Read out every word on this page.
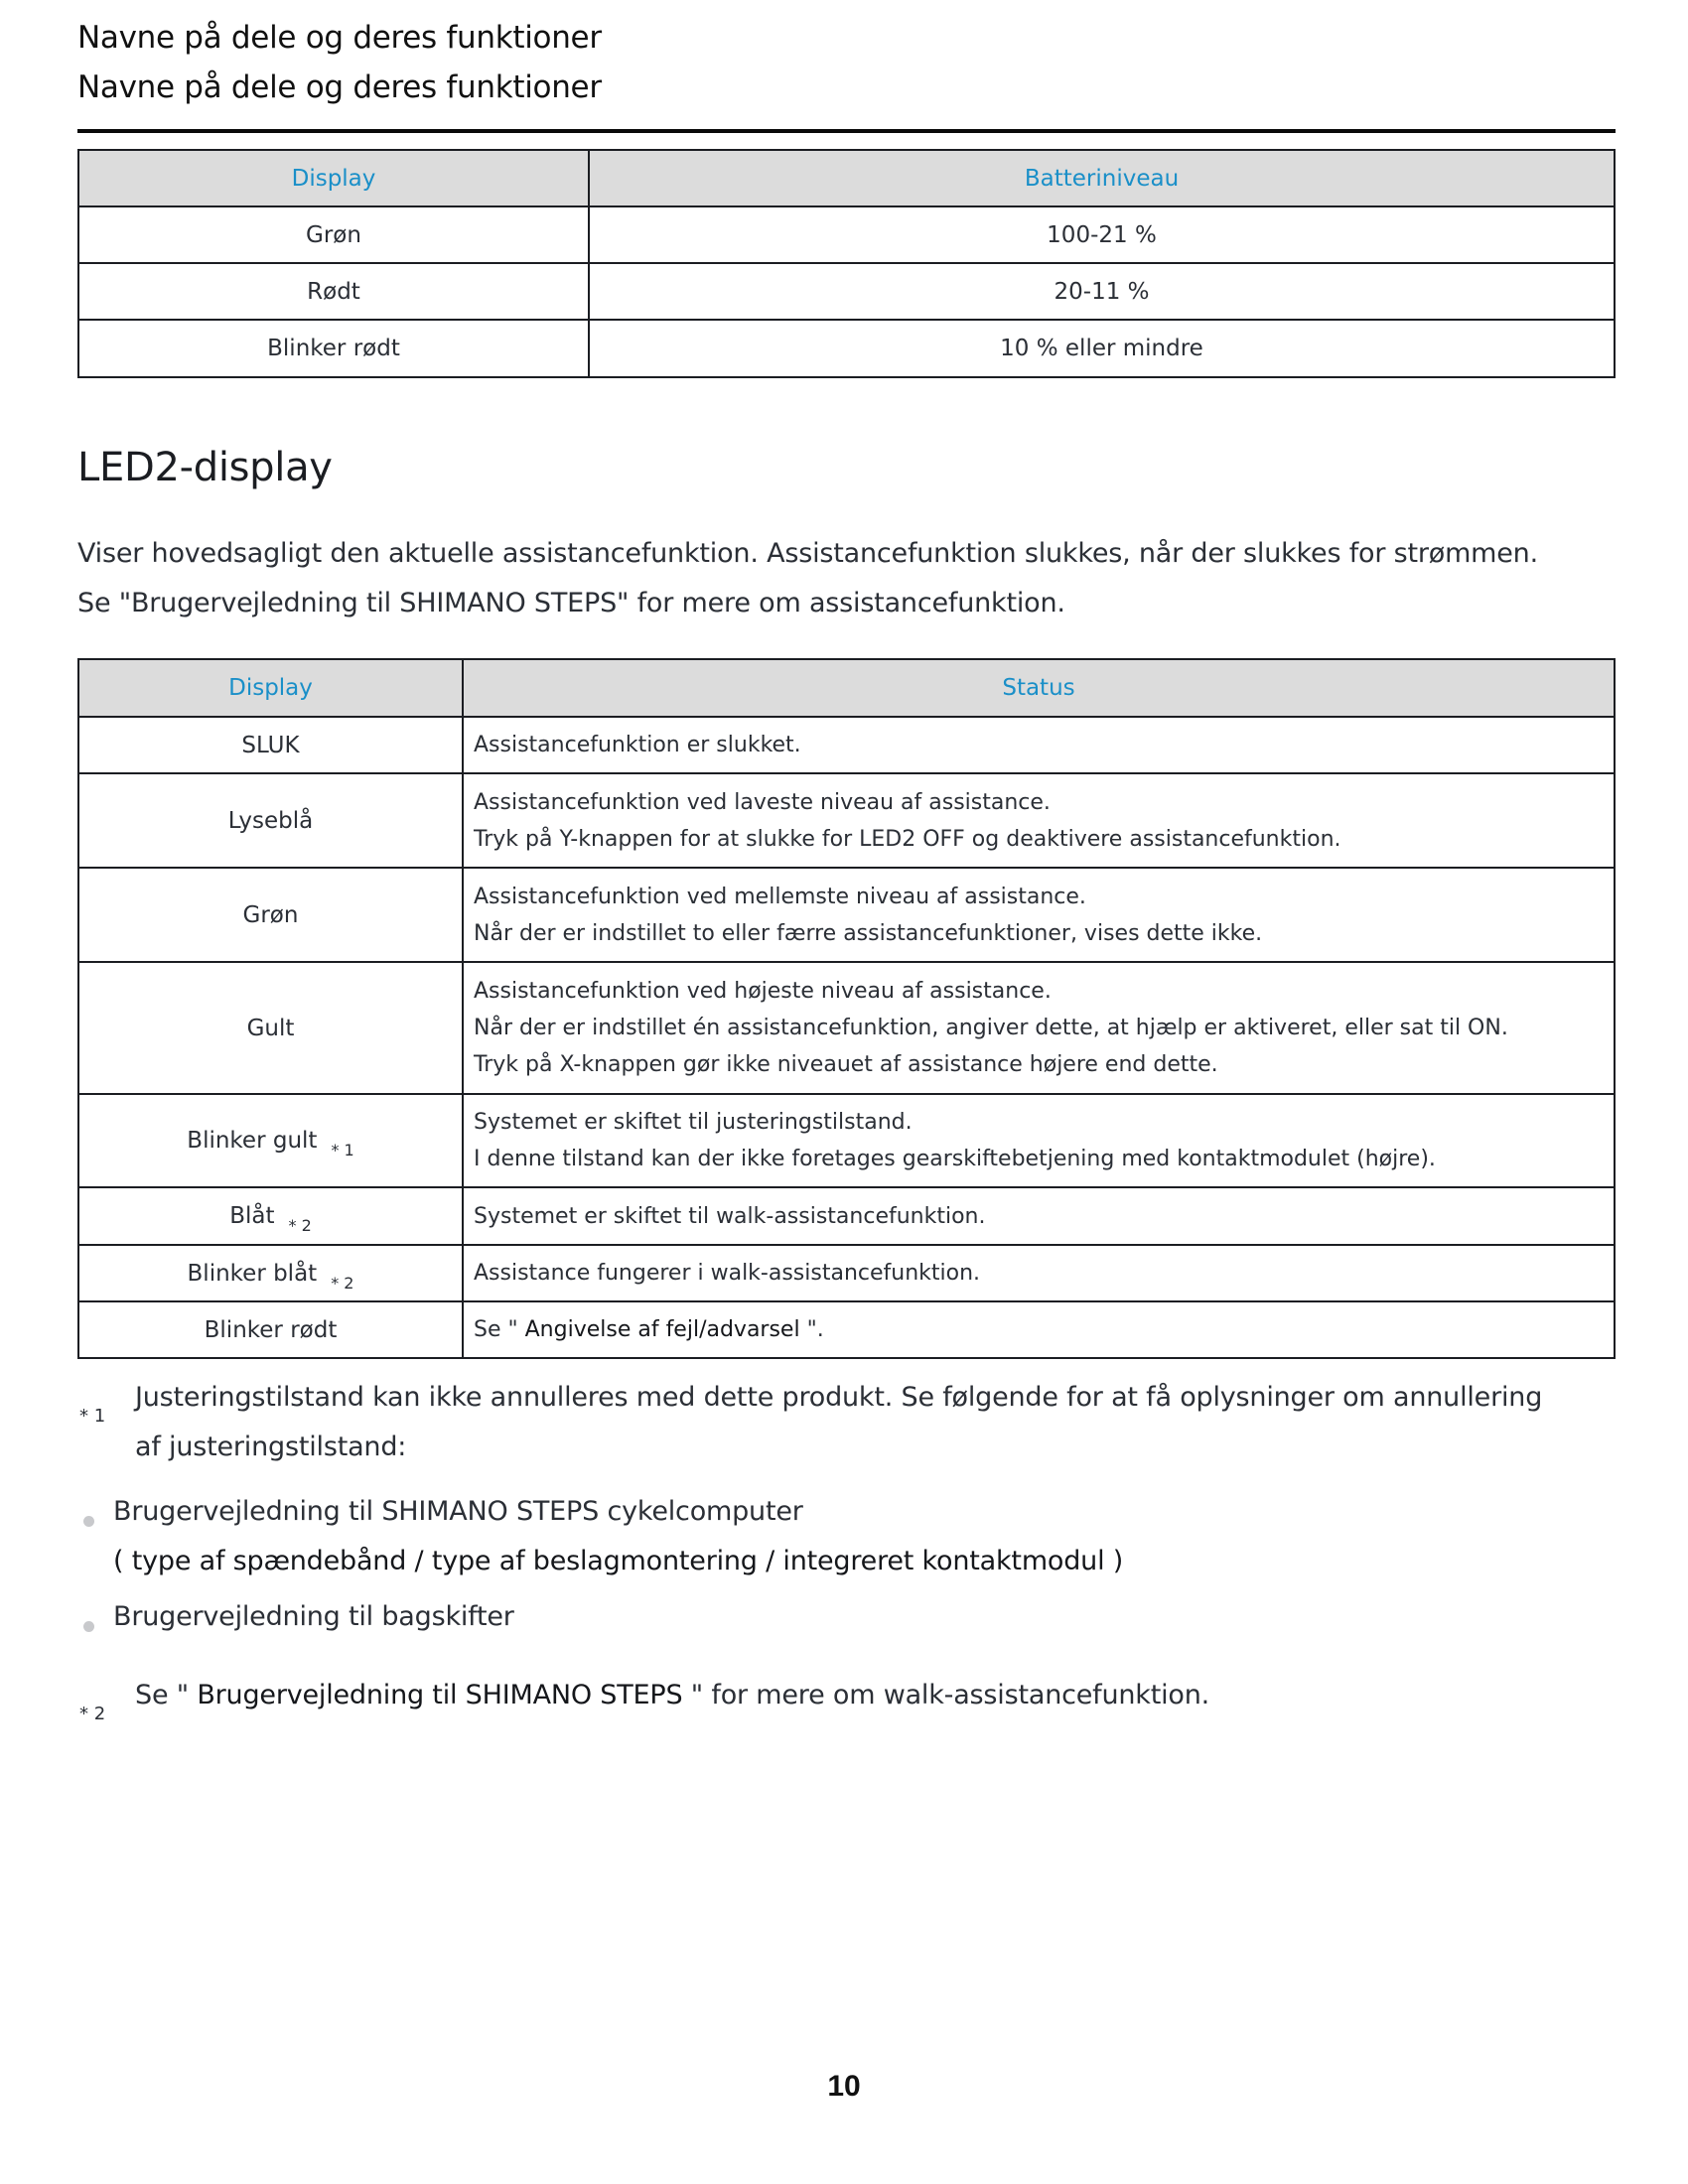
Navne på dele og deres funktioner
Navne på dele og deres funktioner
Display	Batteriniveau
Grøn	100-21 %
Rødt	20-11 %
Blinker rødt	10 % eller mindre
LED2-display
Viser hovedsagligt den aktuelle assistancefunktion. Assistancefunktion slukkes, når der slukkes for strømmen.
Se "Brugervejledning til SHIMANO STEPS" for mere om assistancefunktion.
Display	Status
SLUK	Assistancefunktion er slukket.

Lyseblå	Assistancefunktion ved laveste niveau af assistance.
Tryk på Y-knappen for at slukke for LED2 OFF og deaktivere assistancefunktion.

Grøn	Assistancefunktion ved mellemste niveau af assistance.
Når der er indstillet to eller færre assistancefunktioner, vises dette ikke.

Gult	Assistancefunktion ved højeste niveau af assistance.
Når der er indstillet én assistancefunktion, angiver dette, at hjælp er aktiveret, eller sat til ON.
Tryk på X-knappen gør ikke niveauet af assistance højere end dette.

Blinker gult $_{* 1}$	Systemet er skiftet til justeringstilstand.
I denne tilstand kan der ikke foretages gearskiftebetjening med kontaktmodulet (højre).

Blåt $_{* 2}$	Systemet er skiftet til walk-assistancefunktion.

Blinker blåt $_{* 2}$	Assistance fungerer i walk-assistancefunktion.

Blinker rødt	Se " Angivelse af fejl/advarsel ".
* 1
Justeringstilstand kan ikke annulleres med dette produkt. Se følgende for at få oplysninger om annullering
af justeringstilstand:
Brugervejledning til SHIMANO STEPS cykelcomputer
( type af spændebånd / type af beslagmontering / integreret kontaktmodul )
Brugervejledning til bagskifter
* 2
Se " Brugervejledning til SHIMANO STEPS " for mere om walk-assistancefunktion.
10
